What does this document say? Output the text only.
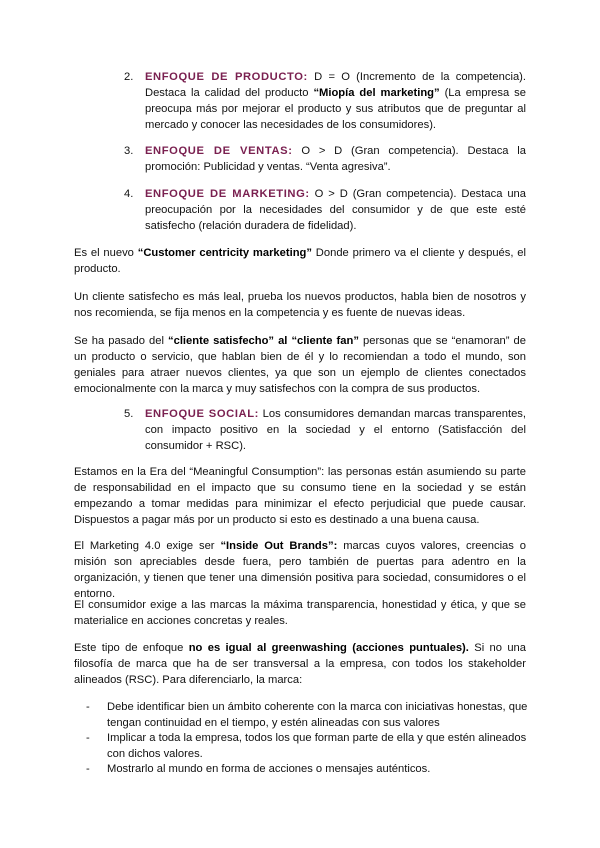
2.	ENFOQUE DE PRODUCTO: D = O (Incremento de la competencia). Destaca la calidad del producto “Miopía del marketing” (La empresa se preocupa más por mejorar el producto y sus atributos que de preguntar al mercado y conocer las necesidades de los consumidores).
3.	ENFOQUE DE VENTAS: O > D (Gran competencia). Destaca la promoción: Publicidad y ventas. “Venta agresiva”.
4.	ENFOQUE DE MARKETING: O > D (Gran competencia). Destaca una preocupación por la necesidades del consumidor y de que este esté satisfecho (relación duradera de fidelidad).

Es el nuevo “Customer centricity marketing” Donde primero va el cliente y después, el producto.

Un cliente satisfecho es más leal, prueba los nuevos productos, habla bien de nosotros y nos recomienda, se fija menos en la competencia y es fuente de nuevas ideas.

Se ha pasado del “cliente satisfecho” al “cliente fan” personas que se “enamoran” de un producto o servicio, que hablan bien de él y lo recomiendan a todo el mundo, son geniales para atraer nuevos clientes, ya que son un ejemplo de clientes conectados emocionalmente con la marca y muy satisfechos con la compra de sus productos.

5.	ENFOQUE SOCIAL: Los consumidores demandan marcas transparentes, con impacto positivo en la sociedad y el entorno (Satisfacción del consumidor + RSC).

Estamos en la Era del “Meaningful Consumption”: las personas están asumiendo su parte de responsabilidad en el impacto que su consumo tiene en la sociedad y se están empezando a tomar medidas para minimizar el efecto perjudicial que puede causar. Dispuestos a pagar más por un producto si esto es destinado a una buena causa.

El Marketing 4.0 exige ser “Inside Out Brands”: marcas cuyos valores, creencias o misión son apreciables desde fuera, pero también de puertas para adentro en la organización, y tienen que tener una dimensión positiva para sociedad, consumidores o el entorno.

El consumidor exige a las marcas la máxima transparencia, honestidad y ética, y que se materialice en acciones concretas y reales.

Este tipo de enfoque no es igual al greenwashing (acciones puntuales). Si no una filosofía de marca que ha de ser transversal a la empresa, con todos los stakeholder alineados (RSC). Para diferenciarlo, la marca:

- Debe identificar bien un ámbito coherente con la marca con iniciativas honestas, que tengan continuidad en el tiempo, y estén alineadas con sus valores
- Implicar a toda la empresa, todos los que forman parte de ella y que estén alineados con dichos valores.
- Mostrarlo al mundo en forma de acciones o mensajes auténticos.
